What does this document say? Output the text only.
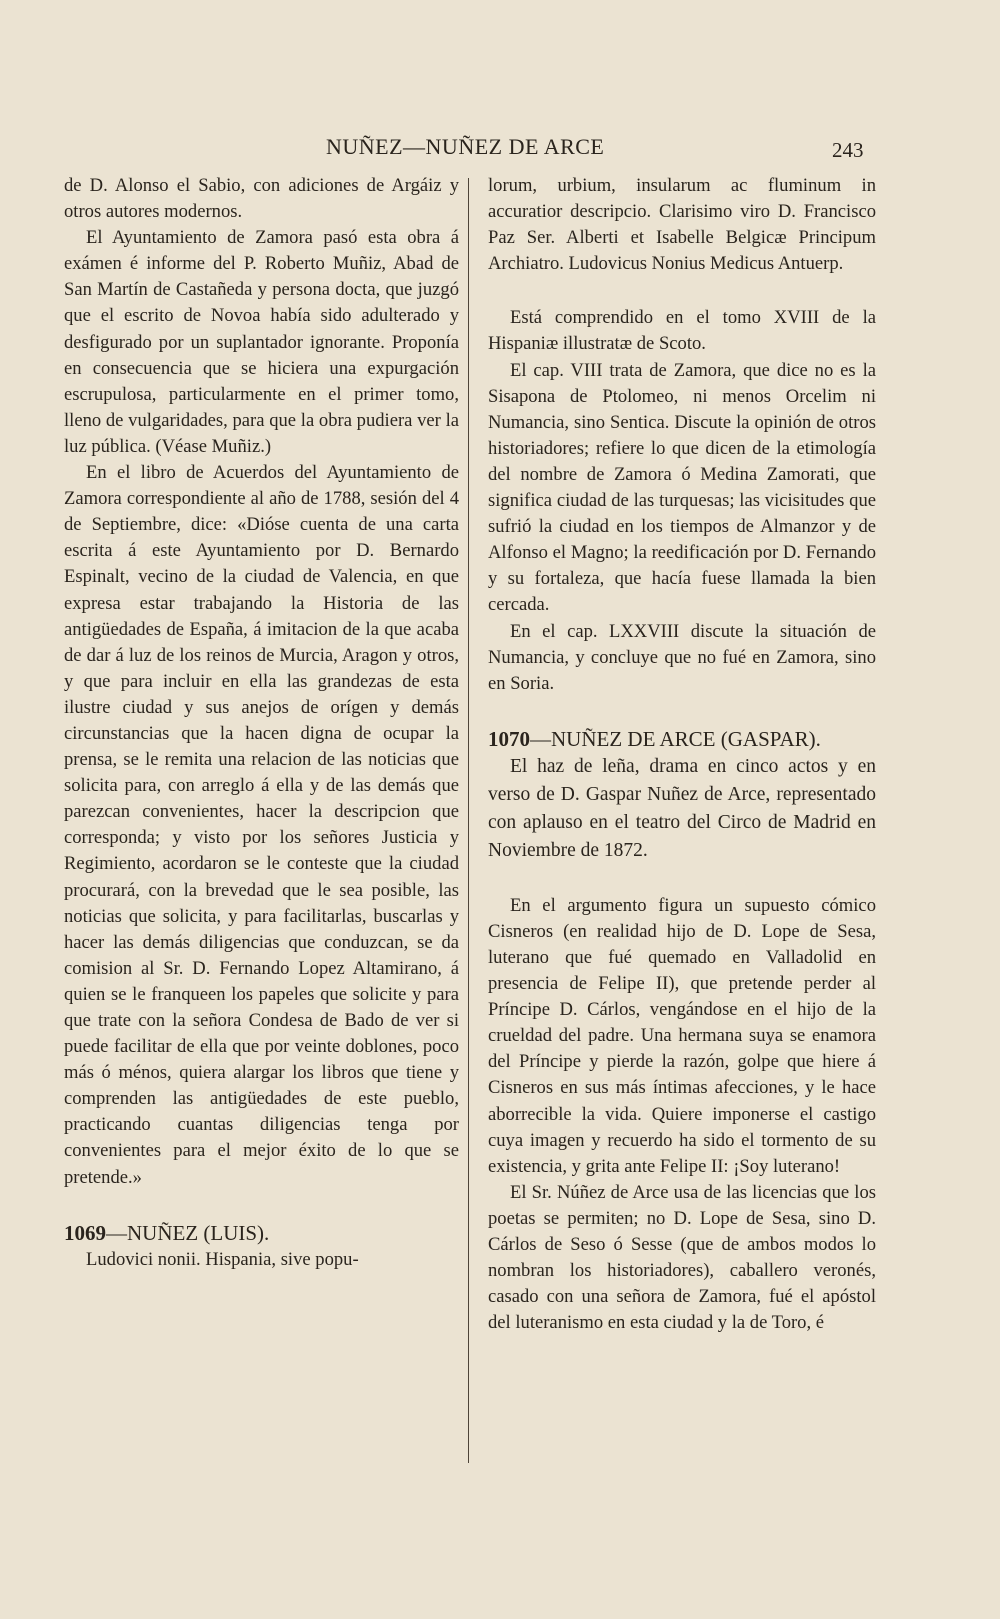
NUÑEZ—NUÑEZ DE ARCE	243

de D. Alonso el Sabio, con adiciones de Argáiz y otros autores modernos.

El Ayuntamiento de Zamora pasó esta obra á exámen é informe del P. Roberto Muñiz, Abad de San Martín de Castañeda y persona docta, que juzgó que el escrito de Novoa había sido adulterado y desfigurado por un suplantador ignorante. Proponía en consecuencia que se hiciera una expurgación escrupulosa, particularmente en el primer tomo, lleno de vulgaridades, para que la obra pudiera ver la luz pública. (Véase Muñiz.)

En el libro de Acuerdos del Ayuntamiento de Zamora correspondiente al año de 1788, sesión del 4 de Septiembre, dice: «Dióse cuenta de una carta escrita á este Ayuntamiento por D. Bernardo Espinalt, vecino de la ciudad de Valencia, en que expresa estar trabajando la Historia de las antigüedades de España, á imitacion de la que acaba de dar á luz de los reinos de Murcia, Aragon y otros, y que para incluir en ella las grandezas de esta ilustre ciudad y sus anejos de orígen y demás circunstancias que la hacen digna de ocupar la prensa, se le remita una relacion de las noticias que solicita para, con arreglo á ella y de las demás que parezcan convenientes, hacer la descripcion que corresponda; y visto por los señores Justicia y Regimiento, acordaron se le conteste que la ciudad procurará, con la brevedad que le sea posible, las noticias que solicita, y para facilitarlas, buscarlas y hacer las demás diligencias que conduzcan, se da comision al Sr. D. Fernando Lopez Altamirano, á quien se le franqueen los papeles que solicite y para que trate con la señora Condesa de Bado de ver si puede facilitar de ella que por veinte doblones, poco más ó ménos, quiera alargar los libros que tiene y comprenden las antigüedades de este pueblo, practicando cuantas diligencias tenga por convenientes para el mejor éxito de lo que se pretende.»

1069—NUÑEZ (LUIS).

Ludovici nonii. Hispania, sive popu-

lorum, urbium, insularum ac fluminum in accuratior descripcio. Clarisimo viro D. Francisco Paz Ser. Alberti et Isabelle Belgicæ Principum Archiatro. Ludovicus Nonius Medicus Antuerp.

Está comprendido en el tomo XVIII de la Hispaniæ illustratæ de Scoto.

El cap. VIII trata de Zamora, que dice no es la Sisapona de Ptolomeo, ni menos Orcelim ni Numancia, sino Sentica. Discute la opinión de otros historiadores; refiere lo que dicen de la etimología del nombre de Zamora ó Medina Zamorati, que significa ciudad de las turquesas; las vicisitudes que sufrió la ciudad en los tiempos de Almanzor y de Alfonso el Magno; la reedificación por D. Fernando y su fortaleza, que hacía fuese llamada la bien cercada.

En el cap. LXXVIII discute la situación de Numancia, y concluye que no fué en Zamora, sino en Soria.

1070—NUÑEZ DE ARCE (GASPAR).

El haz de leña, drama en cinco actos y en verso de D. Gaspar Nuñez de Arce, representado con aplauso en el teatro del Circo de Madrid en Noviembre de 1872.

En el argumento figura un supuesto cómico Cisneros (en realidad hijo de D. Lope de Sesa, luterano que fué quemado en Valladolid en presencia de Felipe II), que pretende perder al Príncipe D. Cárlos, vengándose en el hijo de la crueldad del padre. Una hermana suya se enamora del Príncipe y pierde la razón, golpe que hiere á Cisneros en sus más íntimas afecciones, y le hace aborrecible la vida. Quiere imponerse el castigo cuya imagen y recuerdo ha sido el tormento de su existencia, y grita ante Felipe II: ¡Soy luterano!

El Sr. Núñez de Arce usa de las licencias que los poetas se permiten; no D. Lope de Sesa, sino D. Cárlos de Seso ó Sesse (que de ambos modos lo nombran los historiadores), caballero veronés, casado con una señora de Zamora, fué el apóstol del luteranismo en esta ciudad y la de Toro, é
